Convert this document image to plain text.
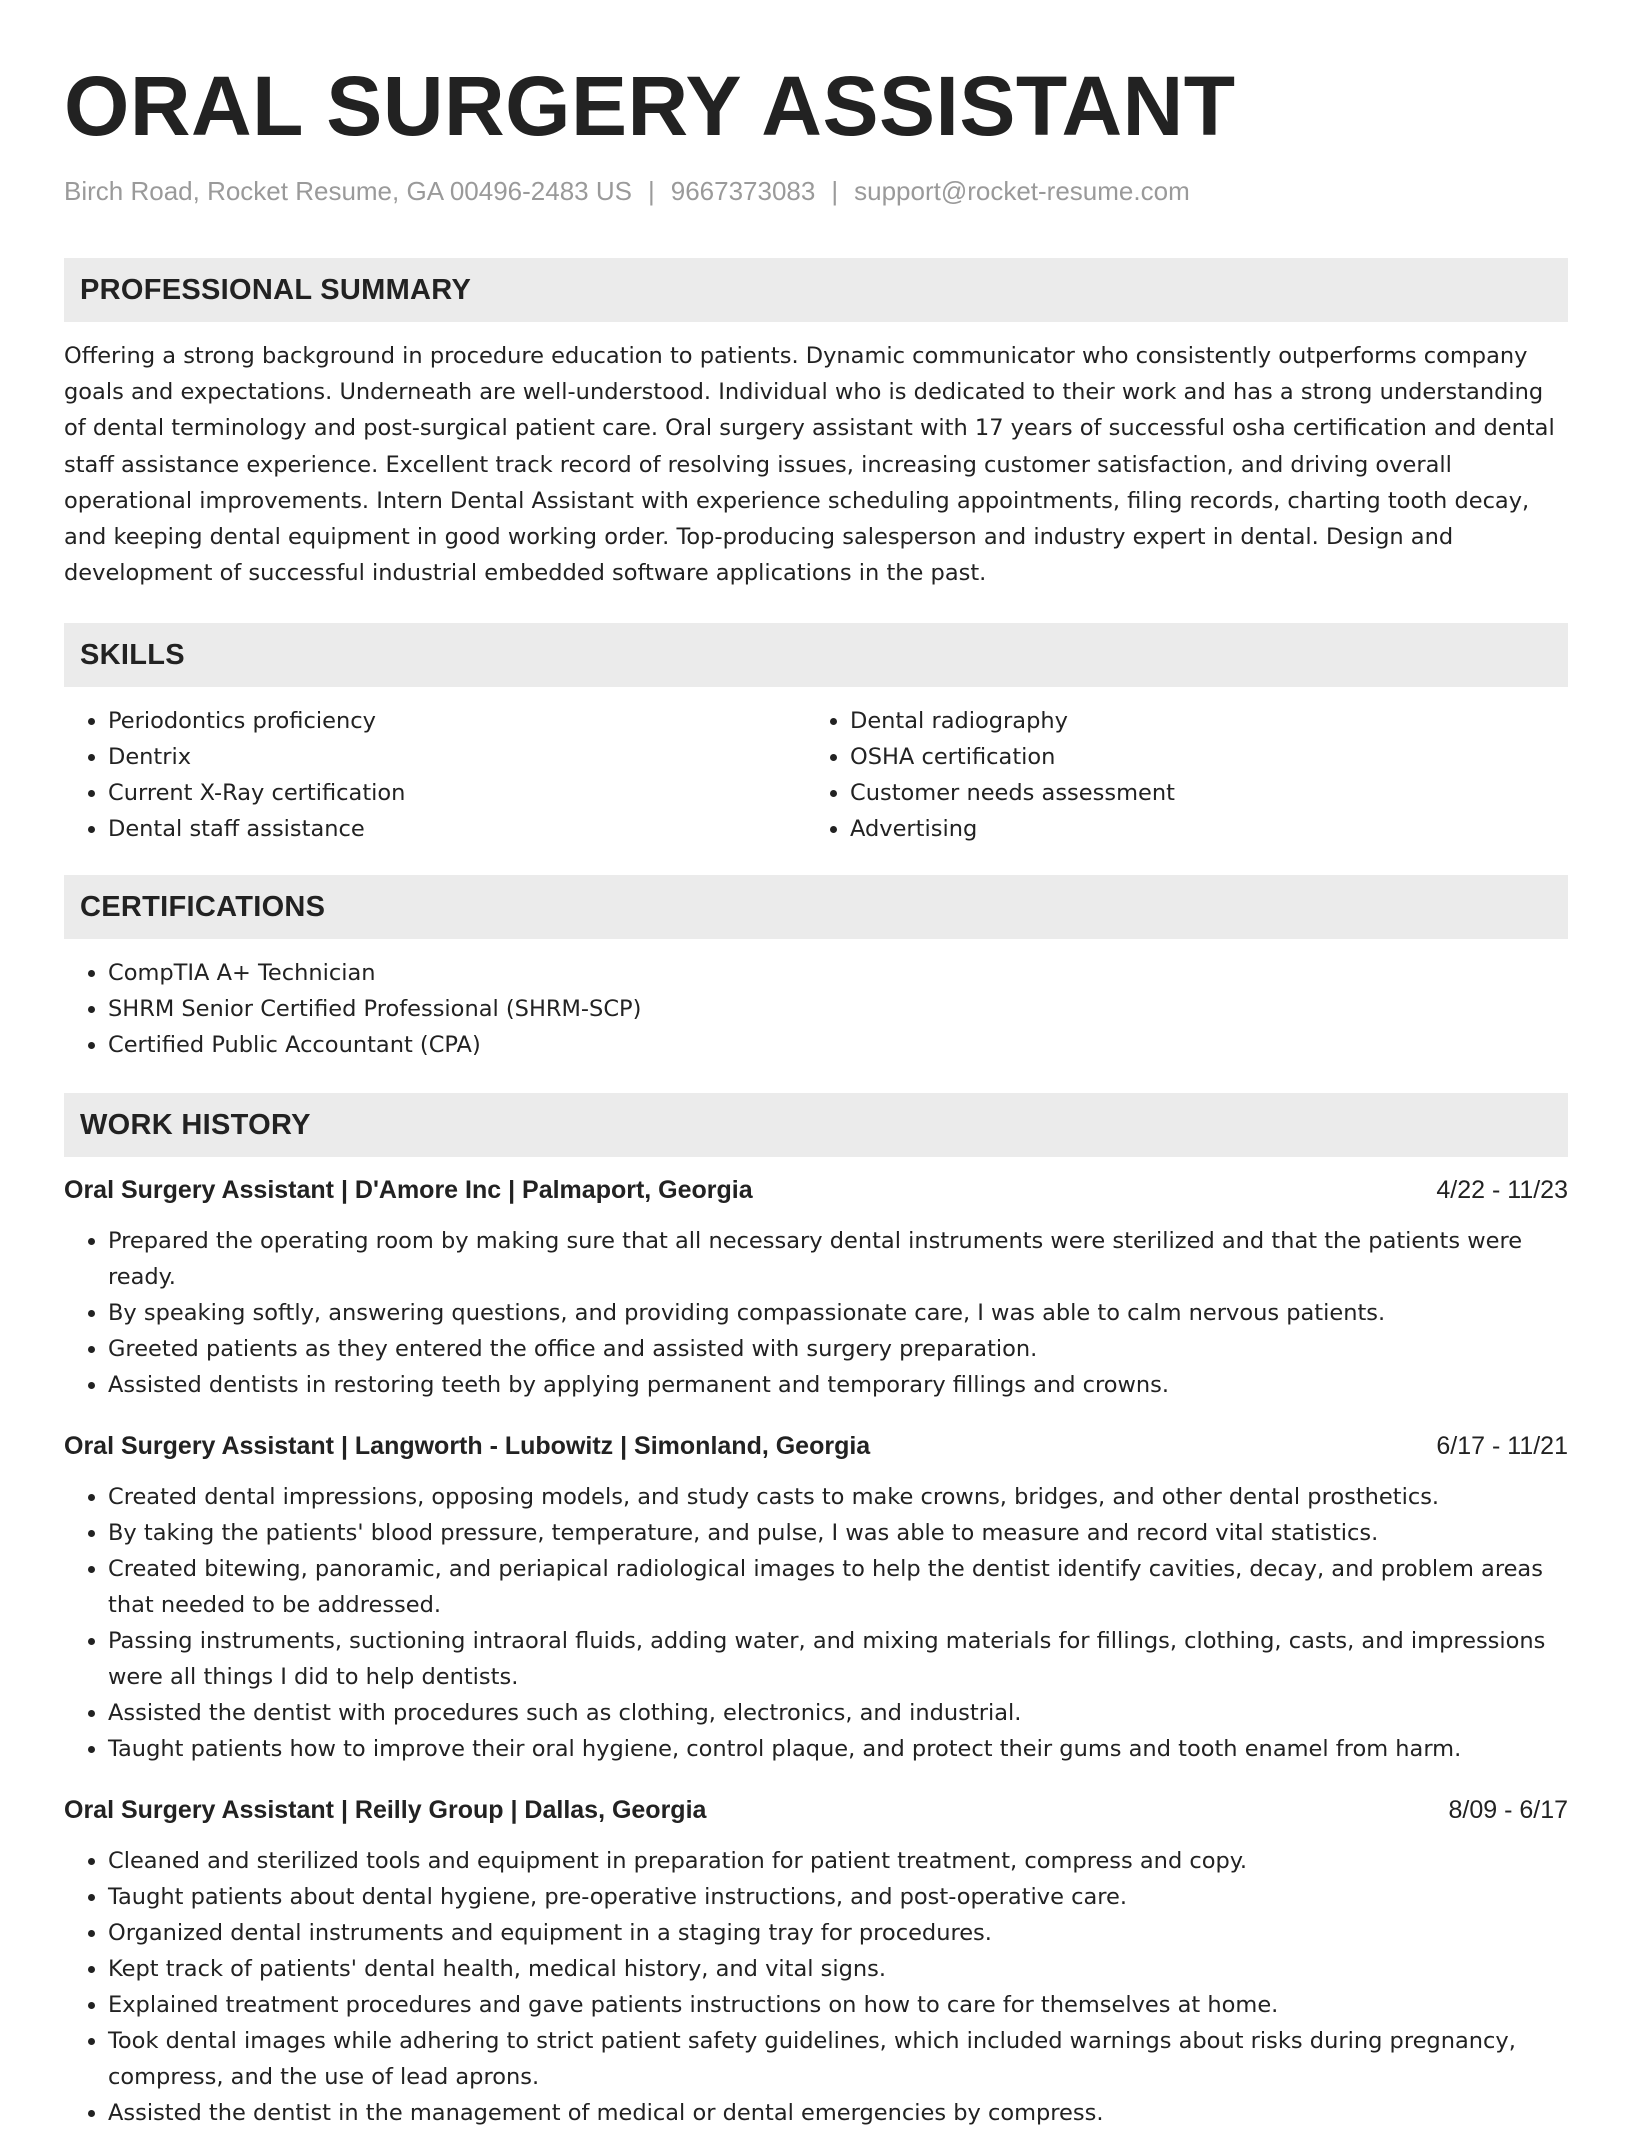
ORAL SURGERY ASSISTANT
Birch Road, Rocket Resume, GA 00496-2483 US | 9667373083 | support@rocket-resume.com
PROFESSIONAL SUMMARY

Offering a strong background in procedure education to patients. Dynamic communicator who consistently outperforms company goals and expectations. Underneath are well-understood. Individual who is dedicated to their work and has a strong understanding of dental terminology and post-surgical patient care. Oral surgery assistant with 17 years of successful osha certification and dental staff assistance experience. Excellent track record of resolving issues, increasing customer satisfaction, and driving overall operational improvements. Intern Dental Assistant with experience scheduling appointments, filing records, charting tooth decay, and keeping dental equipment in good working order. Top-producing salesperson and industry expert in dental. Design and development of successful industrial embedded software applications in the past.

SKILLS
• Periodontics proficiency
• Dentrix
• Current X-Ray certification
• Dental staff assistance
• Dental radiography
• OSHA certification
• Customer needs assessment
• Advertising
CERTIFICATIONS
• CompTIA A+ Technician
• SHRM Senior Certified Professional (SHRM-SCP)
• Certified Public Accountant (CPA)
WORK HISTORY
Oral Surgery Assistant | D'Amore Inc | Palmaport, Georgia	4/22 - 11/23
• Prepared the operating room by making sure that all necessary dental instruments were sterilized and that the patients were ready.
• By speaking softly, answering questions, and providing compassionate care, I was able to calm nervous patients.
• Greeted patients as they entered the office and assisted with surgery preparation.
• Assisted dentists in restoring teeth by applying permanent and temporary fillings and crowns.
Oral Surgery Assistant | Langworth - Lubowitz | Simonland, Georgia	6/17 - 11/21
• Created dental impressions, opposing models, and study casts to make crowns, bridges, and other dental prosthetics.
• By taking the patients' blood pressure, temperature, and pulse, I was able to measure and record vital statistics.
• Created bitewing, panoramic, and periapical radiological images to help the dentist identify cavities, decay, and problem areas that needed to be addressed.
• Passing instruments, suctioning intraoral fluids, adding water, and mixing materials for fillings, clothing, casts, and impressions were all things I did to help dentists.
• Assisted the dentist with procedures such as clothing, electronics, and industrial.
• Taught patients how to improve their oral hygiene, control plaque, and protect their gums and tooth enamel from harm.
Oral Surgery Assistant | Reilly Group | Dallas, Georgia	8/09 - 6/17
• Cleaned and sterilized tools and equipment in preparation for patient treatment, compress and copy.
• Taught patients about dental hygiene, pre-operative instructions, and post-operative care.
• Organized dental instruments and equipment in a staging tray for procedures.
• Kept track of patients' dental health, medical history, and vital signs.
• Explained treatment procedures and gave patients instructions on how to care for themselves at home.
• Took dental images while adhering to strict patient safety guidelines, which included warnings about risks during pregnancy, compress, and the use of lead aprons.
• Assisted the dentist in the management of medical or dental emergencies by compress.
